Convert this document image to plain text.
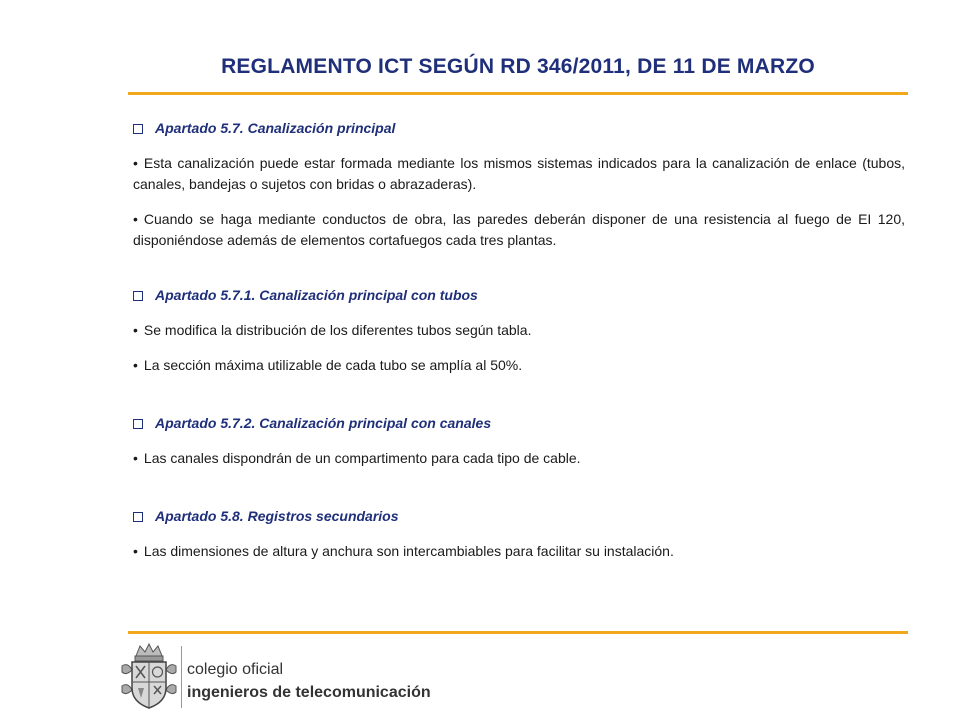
REGLAMENTO ICT SEGÚN RD 346/2011, DE 11 DE MARZO
Apartado 5.7. Canalización principal
• Esta canalización puede estar formada mediante los mismos sistemas indicados para la canalización de enlace (tubos, canales, bandejas o sujetos con bridas o abrazaderas).
• Cuando se haga mediante conductos de obra, las paredes deberán disponer de una resistencia al fuego de EI 120, disponiéndose además de elementos cortafuegos cada tres plantas.
Apartado 5.7.1. Canalización principal con tubos
• Se modifica la distribución de los diferentes tubos según tabla.
• La sección máxima utilizable de cada tubo se amplía al 50%.
Apartado 5.7.2. Canalización principal con canales
• Las canales dispondrán de un compartimento para cada tipo de cable.
Apartado 5.8. Registros secundarios
• Las dimensiones de altura y anchura son intercambiables para facilitar su instalación.
colegio oficial
ingenieros de telecomunicación
